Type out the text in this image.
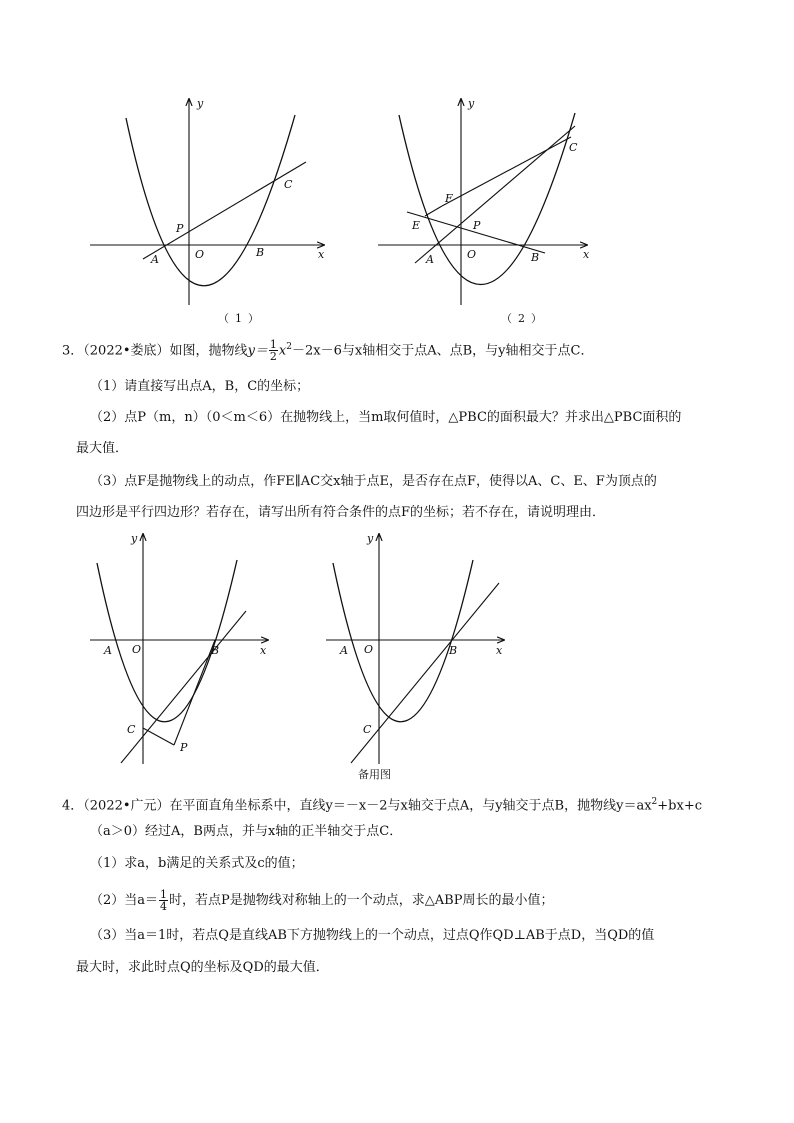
y
x
O
A
B
C
P
（1）
y
x
O
A	B
C
P
E
F
（2）
3．（2022•娄底）如图，抛物线$y= \frac{1}{2} x^2-2x-6$与x轴相交于点A、点B，与y轴相交于点C．
（1）请直接写出点A，B，C的坐标；
（2）点P（m，n）（0＜m＜6）在抛物线上，当m取何值时，△PBC的面积最大？并求出△PBC面积的
最大值．
（3）点F是抛物线上的动点，作FE∥AC交x轴于点E，是否存在点F，使得以A、C、E、F为顶点的
四边形是平行四边形？若存在，请写出所有符合条件的点F的坐标；若不存在，请说明理由．
y
x
O
A	B
C
P
y
x
O
A	B
C
备用图
4．（2022•广元）在平面直角坐标系中，直线y＝－x－2与x轴交于点A，与y轴交于点B，抛物线$y=ax^2+bx+c$
（a＞0）经过A，B两点，并与x轴的正半轴交于点C．
（1）求a，b满足的关系式及c的值；
（2）当$a= \frac{1}{4}$ 时，若点P是抛物线对称轴上的一个动点，求△ABP周长的最小值；
（3）当a＝1时，若点Q是直线AB下方抛物线上的一个动点，过点Q作QD⊥AB于点D，当QD的值
最大时，求此时点Q的坐标及QD的最大值．
